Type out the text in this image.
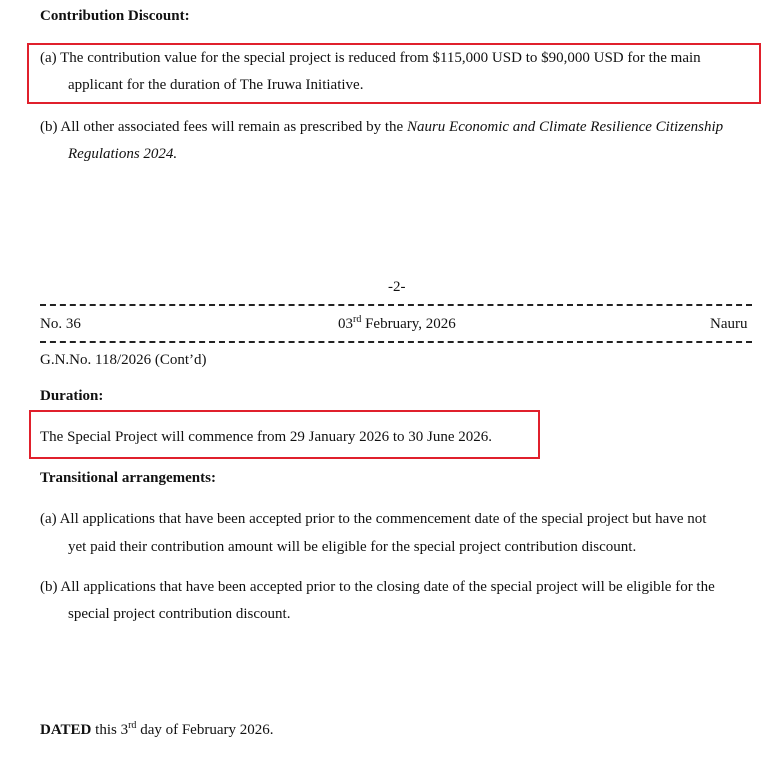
Contribution Discount:
(a) The contribution value for the special project is reduced from $115,000 USD to $90,000 USD for the main
applicant for the duration of The Iruwa Initiative.
(b) All other associated fees will remain as prescribed by the Nauru Economic and Climate Resilience Citizenship
Regulations 2024.
-2-
No. 36	03rd February, 2026	Nauru
G.N.No. 118/2026 (Cont’d)
Duration:
The Special Project will commence from 29 January 2026 to 30 June 2026.
Transitional arrangements:
(a) All applications that have been accepted prior to the commencement date of the special project but have not
yet paid their contribution amount will be eligible for the special project contribution discount.
(b) All applications that have been accepted prior to the closing date of the special project will be eligible for the
special project contribution discount.
DATED this 3rd day of February 2026.
